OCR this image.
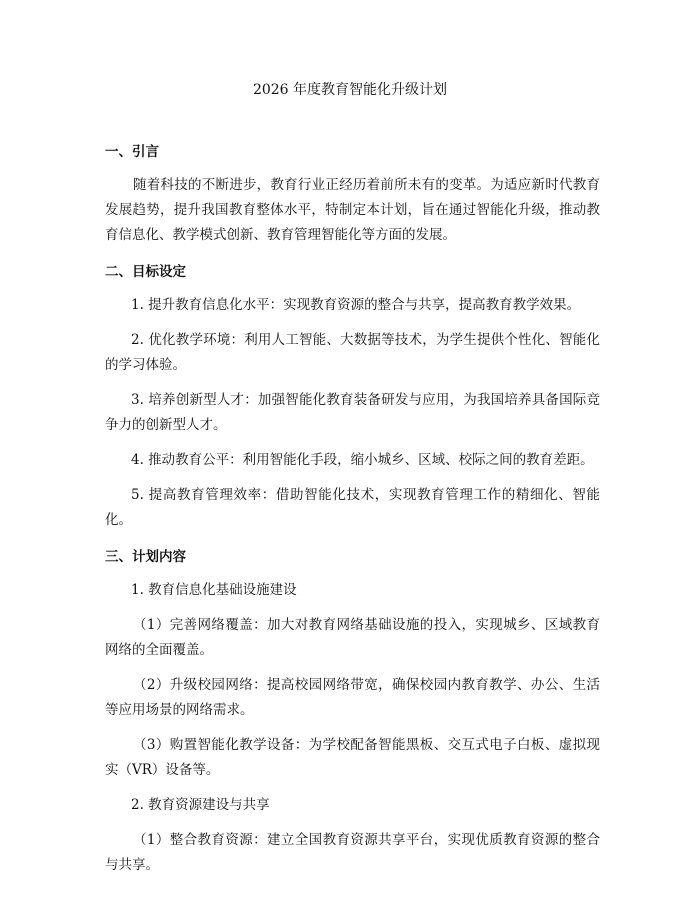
2026 年度教育智能化升级计划

一、引言

随着科技的不断进步，教育行业正经历着前所未有的变革。为适应新时代教育发展趋势，提升我国教育整体水平，特制定本计划，旨在通过智能化升级，推动教育信息化、教学模式创新、教育管理智能化等方面的发展。

二、目标设定

1. 提升教育信息化水平：实现教育资源的整合与共享，提高教育教学效果。

2. 优化教学环境：利用人工智能、大数据等技术，为学生提供个性化、智能化的学习体验。

3. 培养创新型人才：加强智能化教育装备研发与应用，为我国培养具备国际竞争力的创新型人才。

4. 推动教育公平：利用智能化手段，缩小城乡、区域、校际之间的教育差距。

5. 提高教育管理效率：借助智能化技术，实现教育管理工作的精细化、智能化。

三、计划内容

1. 教育信息化基础设施建设

（1）完善网络覆盖：加大对教育网络基础设施的投入，实现城乡、区域教育网络的全面覆盖。

（2）升级校园网络：提高校园网络带宽，确保校园内教育教学、办公、生活等应用场景的网络需求。

（3）购置智能化教学设备：为学校配备智能黑板、交互式电子白板、虚拟现实（VR）设备等。

2. 教育资源建设与共享

（1）整合教育资源：建立全国教育资源共享平台，实现优质教育资源的整合与共享。
